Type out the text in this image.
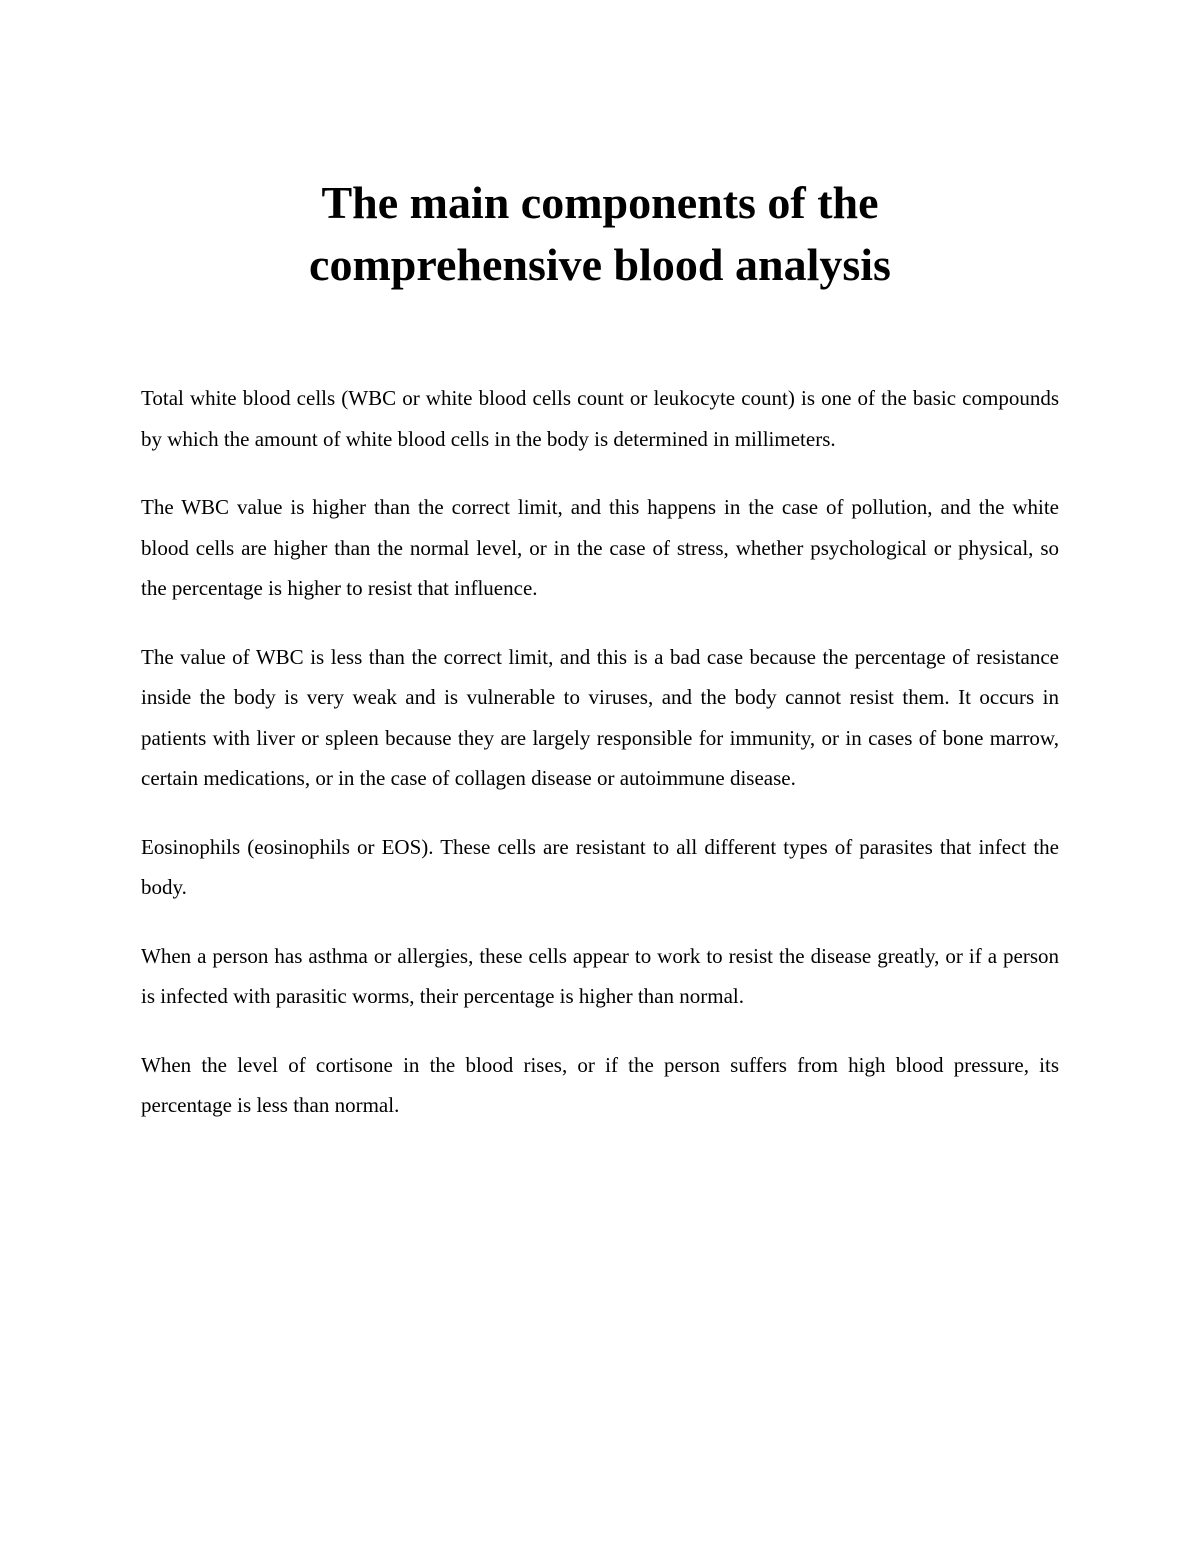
The main components of the
comprehensive blood analysis

Total white blood cells (WBC or white blood cells count or leukocyte count) is one of the basic compounds by which the amount of white blood cells in the body is determined in millimeters.

The WBC value is higher than the correct limit, and this happens in the case of pollution, and the white blood cells are higher than the normal level, or in the case of stress, whether psychological or physical, so the percentage is higher to resist that influence.

The value of WBC is less than the correct limit, and this is a bad case because the percentage of resistance inside the body is very weak and is vulnerable to viruses, and the body cannot resist them. It occurs in patients with liver or spleen because they are largely responsible for immunity, or in cases of bone marrow, certain medications, or in the case of collagen disease or autoimmune disease.

Eosinophils (eosinophils or EOS). These cells are resistant to all different types of parasites that infect the body.

When a person has asthma or allergies, these cells appear to work to resist the disease greatly, or if a person is infected with parasitic worms, their percentage is higher than normal.

When the level of cortisone in the blood rises, or if the person suffers from high blood pressure, its percentage is less than normal.
